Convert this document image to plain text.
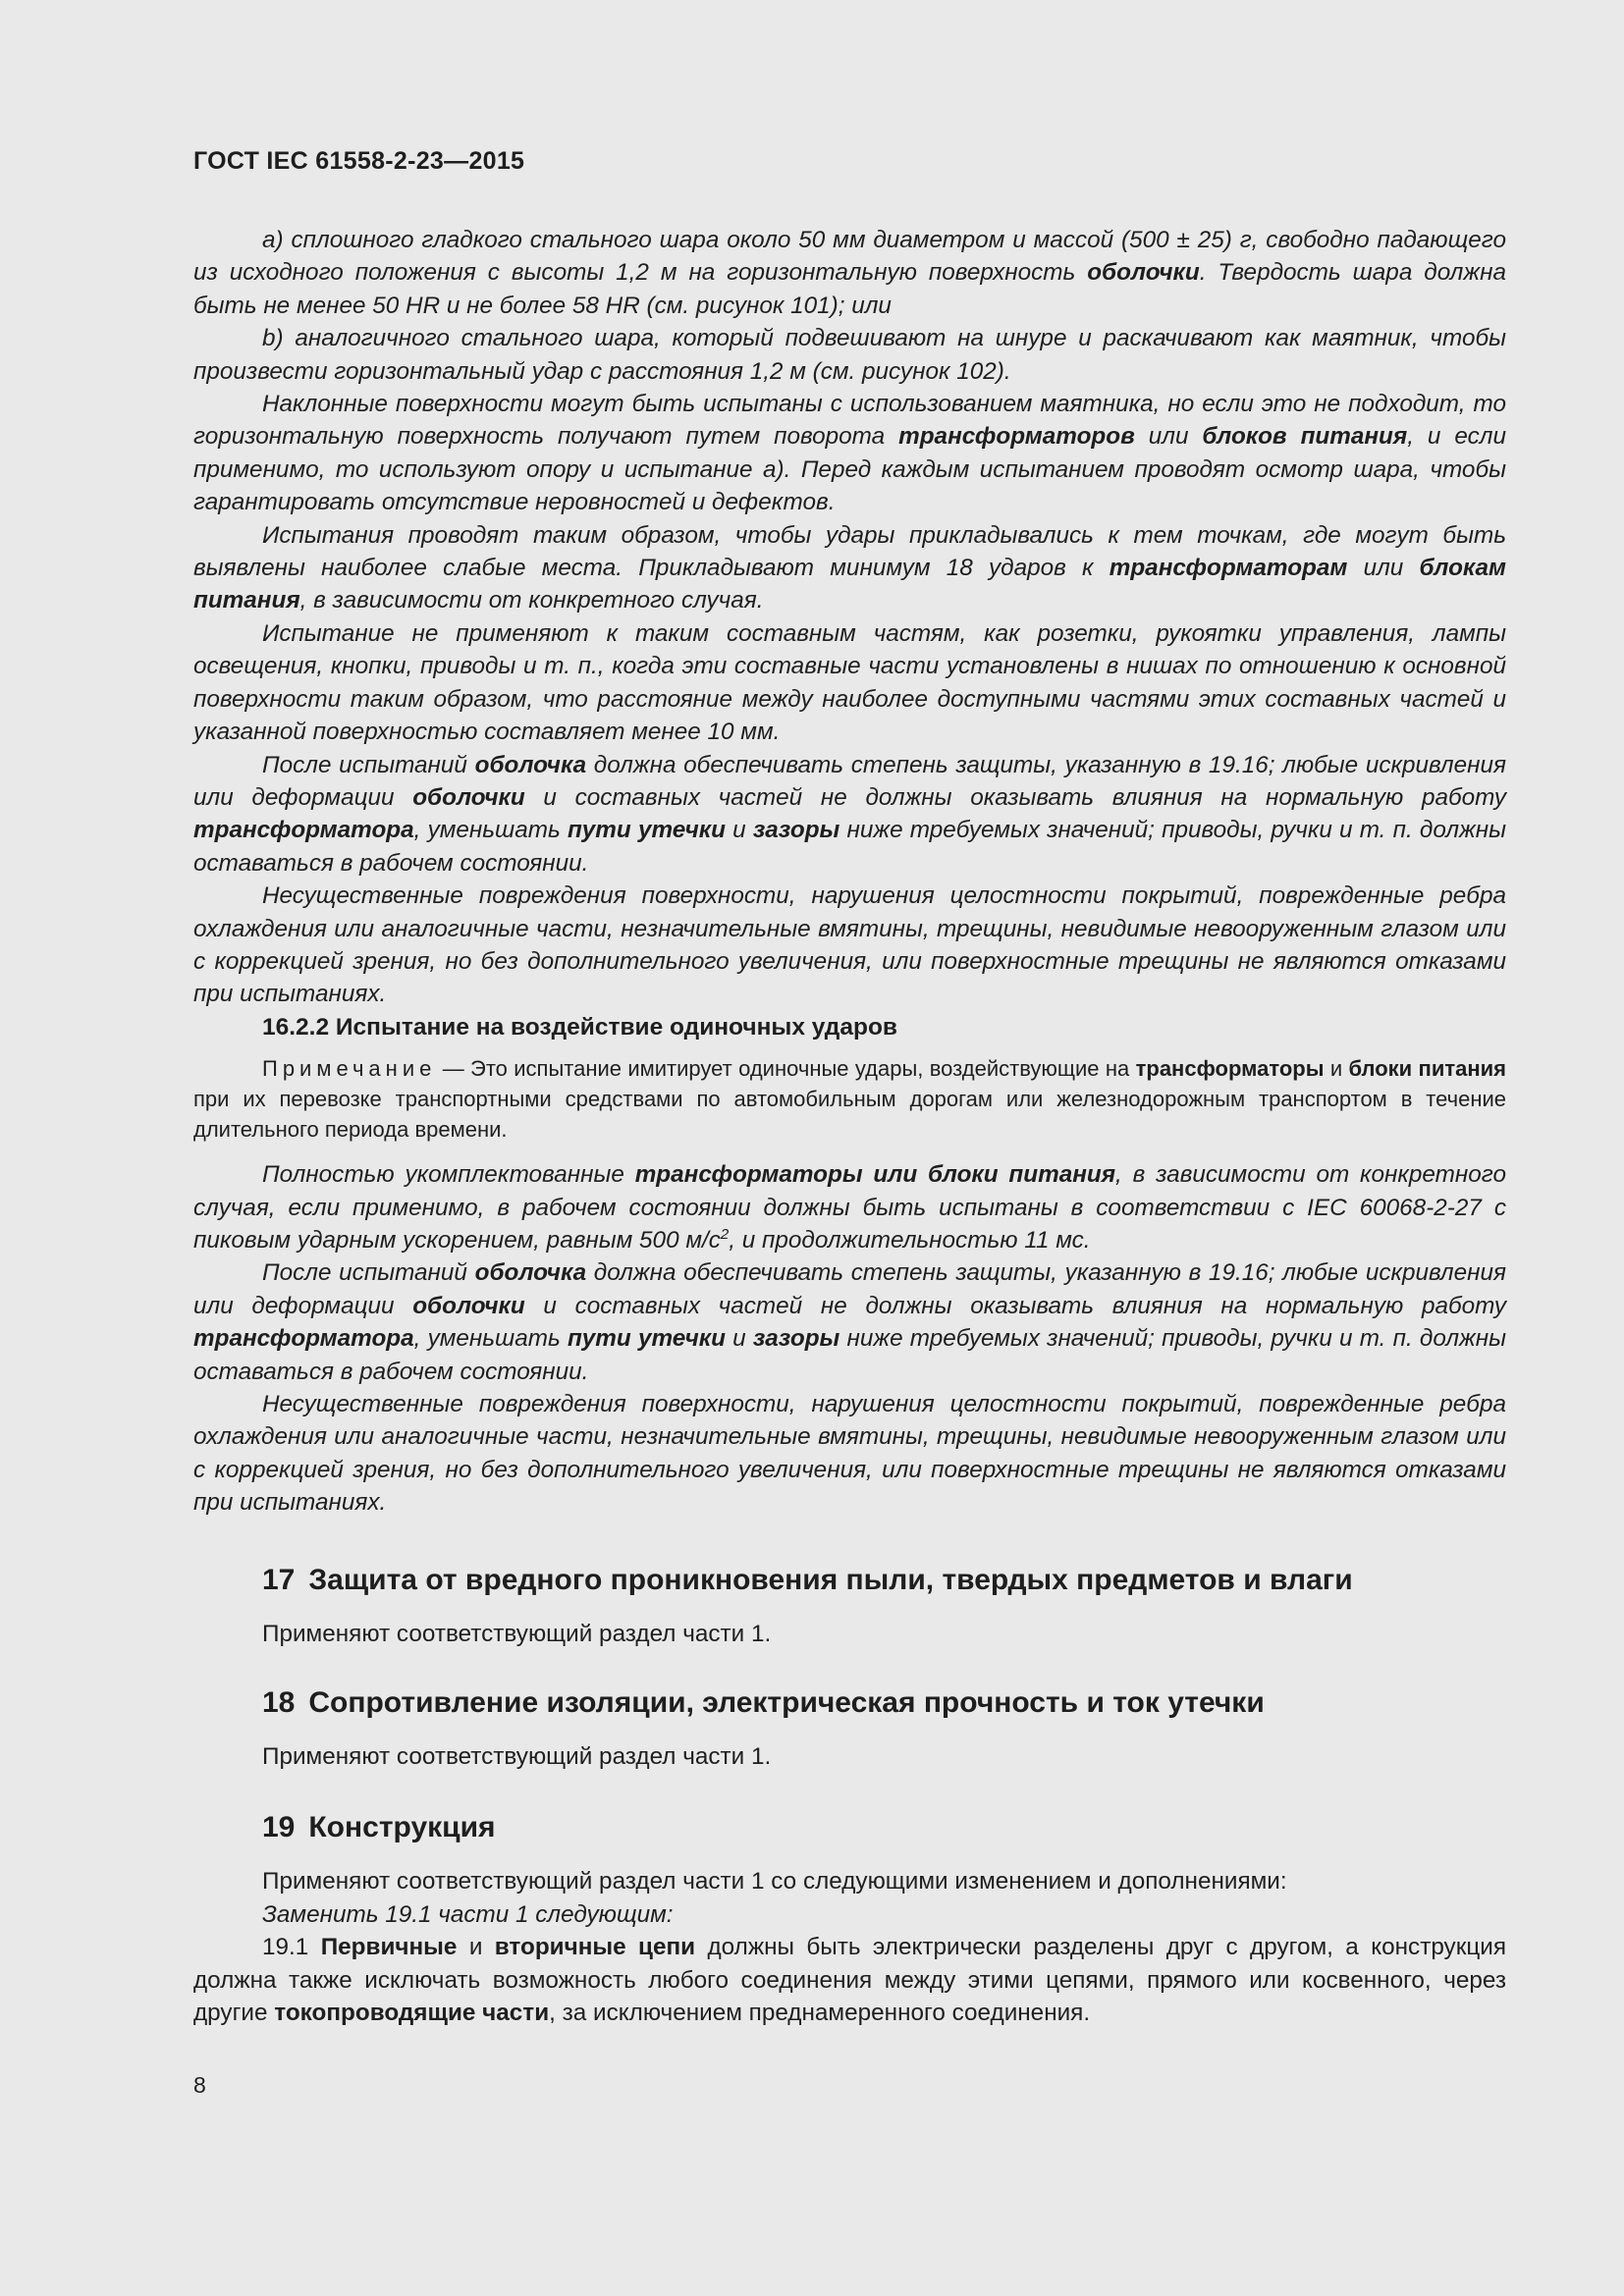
ГОСТ IEC 61558-2-23—2015

а) сплошного гладкого стального шара около 50 мм диаметром и массой (500 ± 25) г, свободно падающего из исходного положения с высоты 1,2 м на горизонтальную поверхность оболочки. Твердость шара должна быть не менее 50 HR и не более 58 HR (см. рисунок 101); или

b) аналогичного стального шара, который подвешивают на шнуре и раскачивают как маятник, чтобы произвести горизонтальный удар с расстояния 1,2 м (см. рисунок 102).

Наклонные поверхности могут быть испытаны с использованием маятника, но если это не подходит, то горизонтальную поверхность получают путем поворота трансформаторов или блоков питания, и если применимо, то используют опору и испытание а). Перед каждым испытанием проводят осмотр шара, чтобы гарантировать отсутствие неровностей и дефектов.

Испытания проводят таким образом, чтобы удары прикладывались к тем точкам, где могут быть выявлены наиболее слабые места. Прикладывают минимум 18 ударов к трансформаторам или блокам питания, в зависимости от конкретного случая.

Испытание не применяют к таким составным частям, как розетки, рукоятки управления, лампы освещения, кнопки, приводы и т. п., когда эти составные части установлены в нишах по отношению к основной поверхности таким образом, что расстояние между наиболее доступными частями этих составных частей и указанной поверхностью составляет менее 10 мм.

После испытаний оболочка должна обеспечивать степень защиты, указанную в 19.16; любые искривления или деформации оболочки и составных частей не должны оказывать влияния на нормальную работу трансформатора, уменьшать пути утечки и зазоры ниже требуемых значений; приводы, ручки и т. п. должны оставаться в рабочем состоянии.

Несущественные повреждения поверхности, нарушения целостности покрытий, поврежденные ребра охлаждения или аналогичные части, незначительные вмятины, трещины, невидимые невооруженным глазом или с коррекцией зрения, но без дополнительного увеличения, или поверхностные трещины не являются отказами при испытаниях.

16.2.2 Испытание на воздействие одиночных ударов

Примечание — Это испытание имитирует одиночные удары, воздействующие на трансформаторы и блоки питания при их перевозке транспортными средствами по автомобильным дорогам или железнодорожным транспортом в течение длительного периода времени.

Полностью укомплектованные трансформаторы или блоки питания, в зависимости от конкретного случая, если применимо, в рабочем состоянии должны быть испытаны в соответствии с IEC 60068-2-27 с пиковым ударным ускорением, равным 500 $м/с^2$, и продолжительностью 11 мс.

После испытаний оболочка должна обеспечивать степень защиты, указанную в 19.16; любые искривления или деформации оболочки и составных частей не должны оказывать влияния на нормальную работу трансформатора, уменьшать пути утечки и зазоры ниже требуемых значений; приводы, ручки и т. п. должны оставаться в рабочем состоянии.

Несущественные повреждения поверхности, нарушения целостности покрытий, поврежденные ребра охлаждения или аналогичные части, незначительные вмятины, трещины, невидимые невооруженным глазом или с коррекцией зрения, но без дополнительного увеличения, или поверхностные трещины не являются отказами при испытаниях.

17 Защита от вредного проникновения пыли, твердых предметов и влаги

Применяют соответствующий раздел части 1.

18 Сопротивление изоляции, электрическая прочность и ток утечки

Применяют соответствующий раздел части 1.

19 Конструкция

Применяют соответствующий раздел части 1 со следующими изменением и дополнениями:

Заменить 19.1 части 1 следующим:

19.1 Первичные и вторичные цепи должны быть электрически разделены друг с другом, а конструкция должна также исключать возможность любого соединения между этими цепями, прямого или косвенного, через другие токопроводящие части, за исключением преднамеренного соединения.

8
